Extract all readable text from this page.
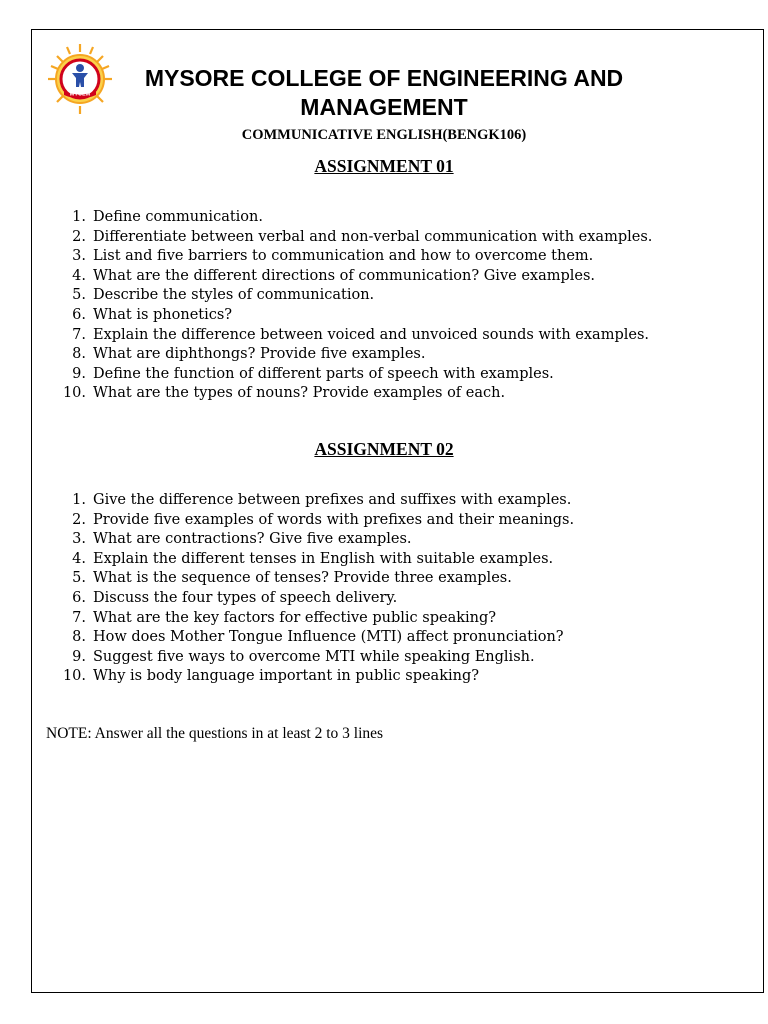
MYCEM
MYSORE COLLEGE OF ENGINEERING AND MANAGEMENT

COMMUNICATIVE ENGLISH(BENGK106)

ASSIGNMENT 01
1. Define communication.
2. Differentiate between verbal and non-verbal communication with examples.
3. List and five barriers to communication and how to overcome them.
4. What are the different directions of communication? Give examples.
5. Describe the styles of communication.
6. What is phonetics?
7. Explain the difference between voiced and unvoiced sounds with examples.
8. What are diphthongs? Provide five examples.
9. Define the function of different parts of speech with examples.
10. What are the types of nouns? Provide examples of each.
ASSIGNMENT 02
1. Give the difference between prefixes and suffixes with examples.
2. Provide five examples of words with prefixes and their meanings.
3. What are contractions? Give five examples.
4. Explain the different tenses in English with suitable examples.
5. What is the sequence of tenses? Provide three examples.
6. Discuss the four types of speech delivery.
7. What are the key factors for effective public speaking?
8. How does Mother Tongue Influence (MTI) affect pronunciation?
9. Suggest five ways to overcome MTI while speaking English.
10. Why is body language important in public speaking?

NOTE: Answer all the questions in at least 2 to 3 lines
